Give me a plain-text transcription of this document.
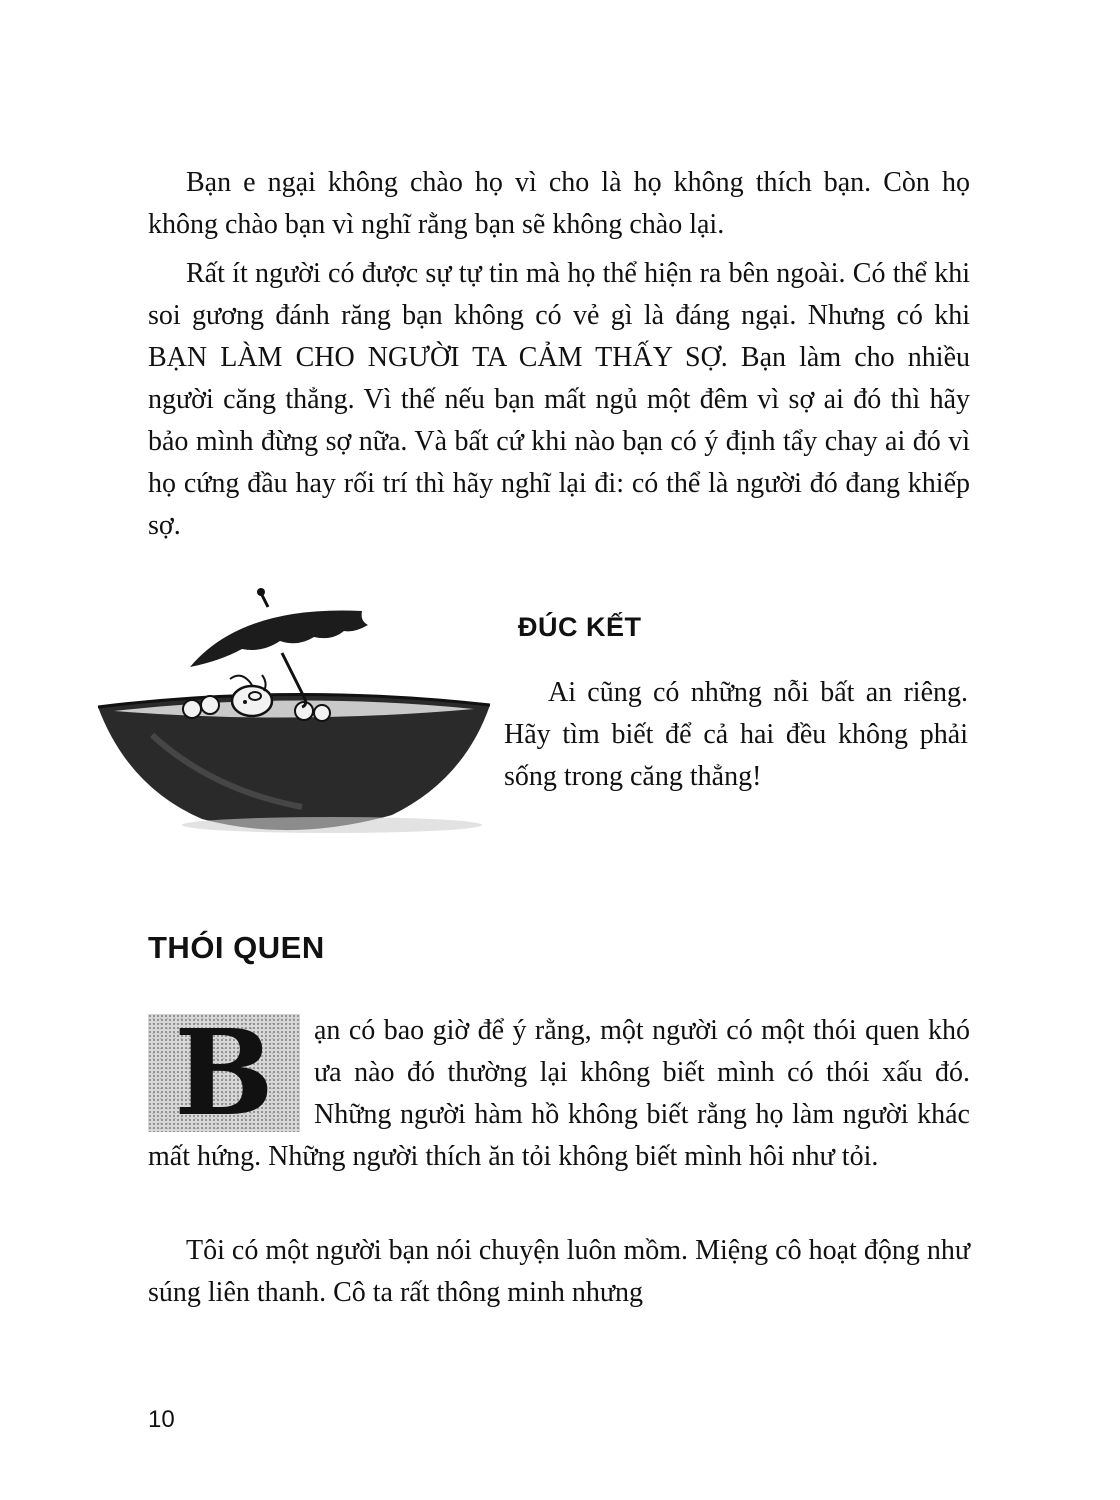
Bạn e ngại không chào họ vì cho là họ không thích bạn. Còn họ không chào bạn vì nghĩ rằng bạn sẽ không chào lại.

Rất ít người có được sự tự tin mà họ thể hiện ra bên ngoài. Có thể khi soi gương đánh răng bạn không có vẻ gì là đáng ngại. Nhưng có khi BẠN LÀM CHO NGƯỜI TA CẢM THẤY SỢ. Bạn làm cho nhiều người căng thẳng. Vì thế nếu bạn mất ngủ một đêm vì sợ ai đó thì hãy bảo mình đừng sợ nữa. Và bất cứ khi nào bạn có ý định tẩy chay ai đó vì họ cứng đầu hay rối trí thì hãy nghĩ lại đi: có thể là người đó đang khiếp sợ.

ĐÚC KẾT

Ai cũng có những nỗi bất an riêng. Hãy tìm biết để cả hai đều không phải sống trong căng thẳng!

THÓI QUEN

B	ạn có bao giờ để ý rằng, một người có một thói quen khó ưa nào đó thường lại không biết mình có thói xấu đó. Những người hàm hồ không biết rằng họ làm người khác mất hứng. Những người thích ăn tỏi không biết mình hôi như tỏi.

Tôi có một người bạn nói chuyện luôn mồm. Miệng cô hoạt động như súng liên thanh. Cô ta rất thông minh nhưng

10
